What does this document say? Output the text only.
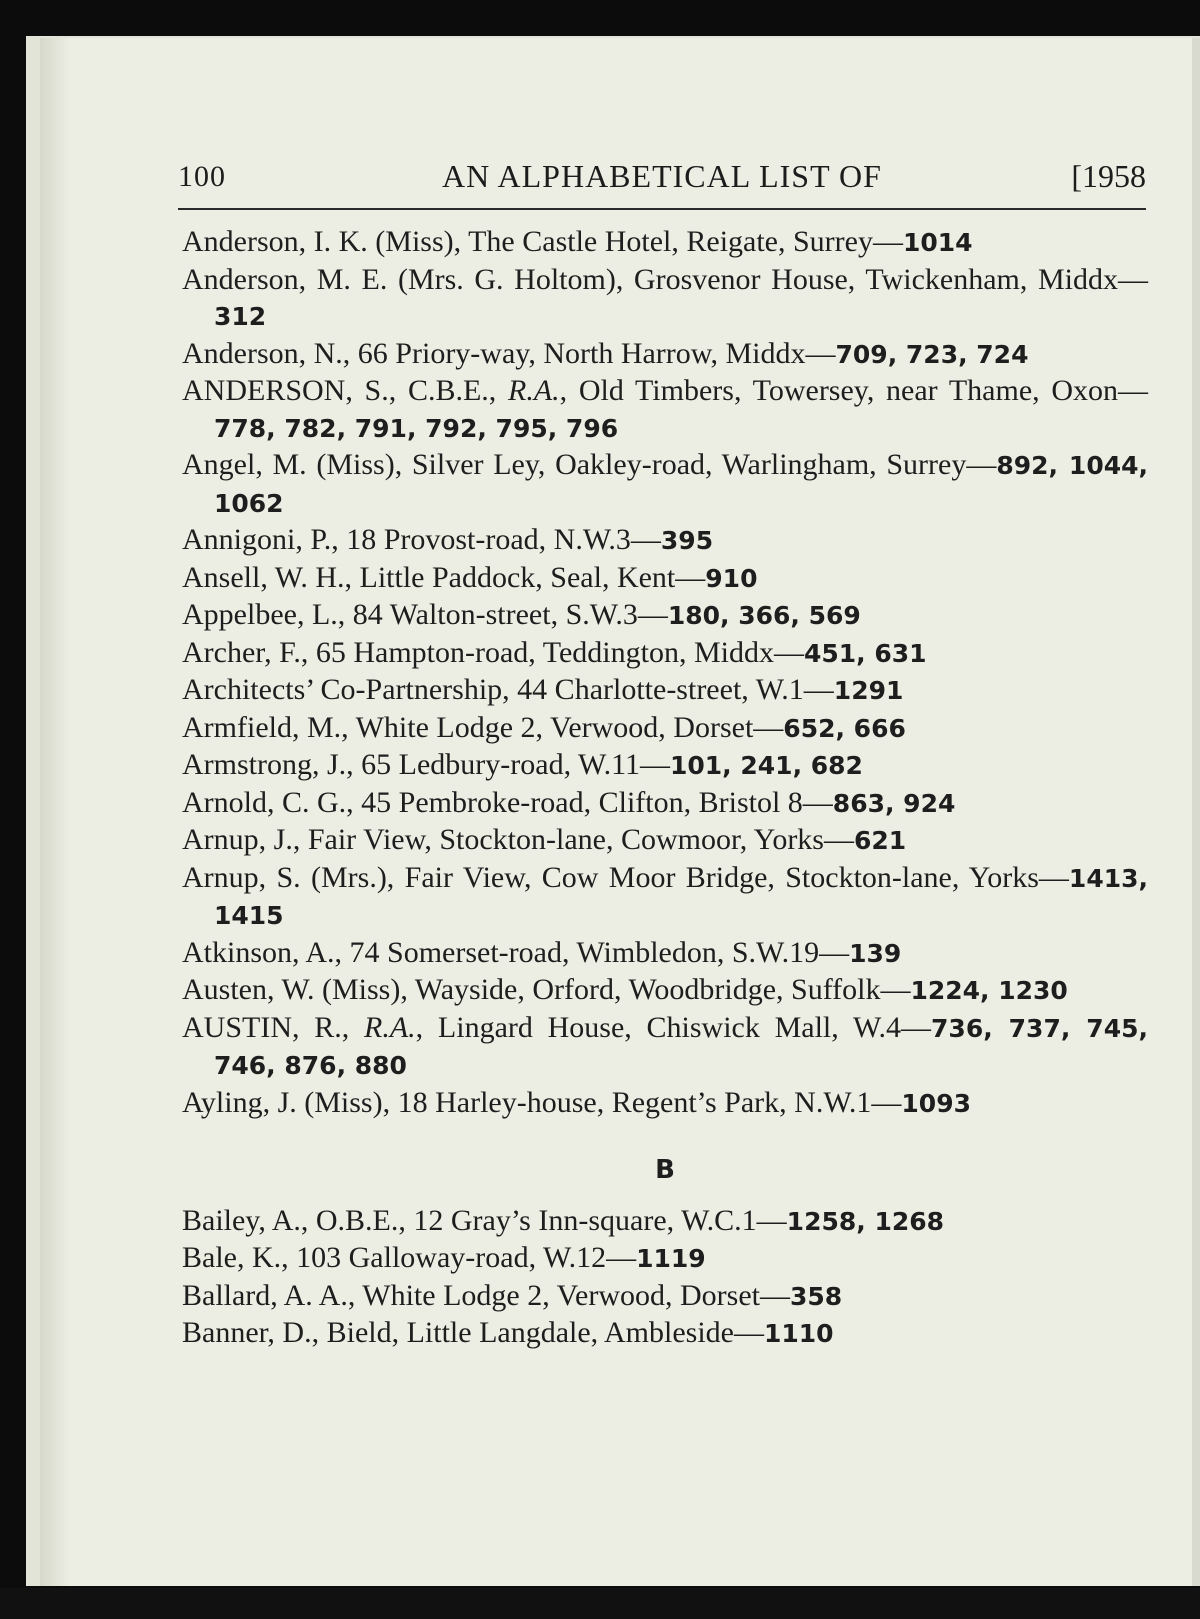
100	AN ALPHABETICAL LIST OF	[1958
Anderson, I. K. (Miss), The Castle Hotel, Reigate, Surrey—1014
Anderson, M. E. (Mrs. G. Holtom), Grosvenor House, Twickenham, Middx—312
Anderson, N., 66 Priory-way, North Harrow, Middx—709, 723, 724
ANDERSON, S., C.B.E., R.A., Old Timbers, Towersey, near Thame, Oxon—778, 782, 791, 792, 795, 796
Angel, M. (Miss), Silver Ley, Oakley-road, Warlingham, Surrey—892, 1044, 1062
Annigoni, P., 18 Provost-road, N.W.3—395
Ansell, W. H., Little Paddock, Seal, Kent—910
Appelbee, L., 84 Walton-street, S.W.3—180, 366, 569
Archer, F., 65 Hampton-road, Teddington, Middx—451, 631
Architects’ Co-Partnership, 44 Charlotte-street, W.1—1291
Armfield, M., White Lodge 2, Verwood, Dorset—652, 666
Armstrong, J., 65 Ledbury-road, W.11—101, 241, 682
Arnold, C. G., 45 Pembroke-road, Clifton, Bristol 8—863, 924
Arnup, J., Fair View, Stockton-lane, Cowmoor, Yorks—621
Arnup, S. (Mrs.), Fair View, Cow Moor Bridge, Stockton-lane, Yorks—1413, 1415
Atkinson, A., 74 Somerset-road, Wimbledon, S.W.19—139
Austen, W. (Miss), Wayside, Orford, Woodbridge, Suffolk—1224, 1230
AUSTIN, R., R.A., Lingard House, Chiswick Mall, W.4—736, 737, 745, 746, 876, 880
Ayling, J. (Miss), 18 Harley-house, Regent’s Park, N.W.1—1093
B
Bailey, A., O.B.E., 12 Gray’s Inn-square, W.C.1—1258, 1268
Bale, K., 103 Galloway-road, W.12—1119
Ballard, A. A., White Lodge 2, Verwood, Dorset—358
Banner, D., Bield, Little Langdale, Ambleside—1110
